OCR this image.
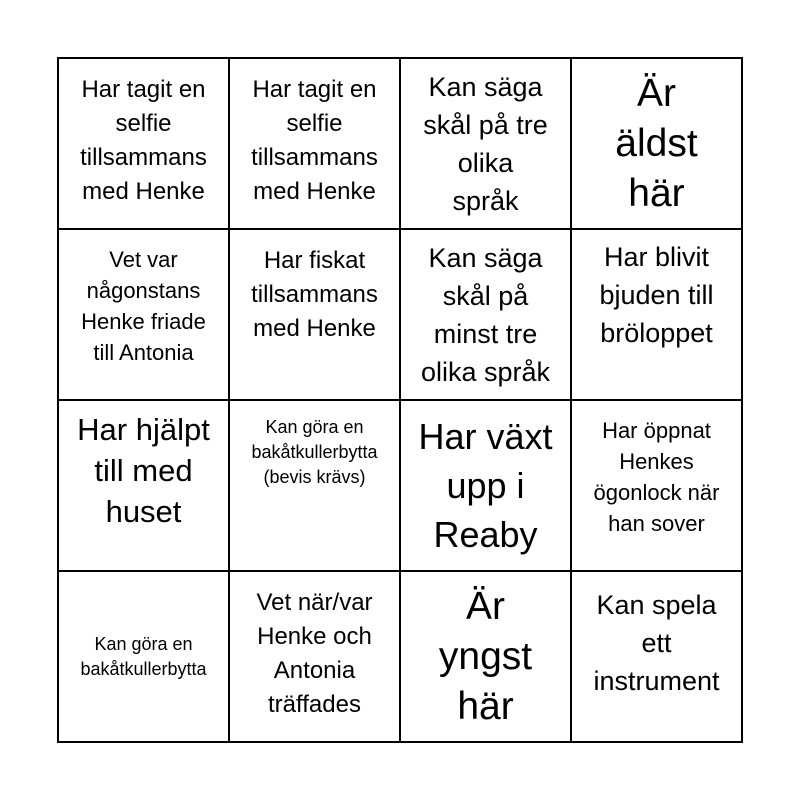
Har tagit en
selfie
tillsammans
med Henke
Har tagit en
selfie
tillsammans
med Henke
Kan säga
skål på tre
olika
språk
Är
äldst
här
Vet var
någonstans
Henke friade
till Antonia
Har fiskat
tillsammans
med Henke
Kan säga
skål på
minst tre
olika språk
Har blivit
bjuden till
bröloppet
Har hjälpt
till med
huset
Kan göra en
bakåtkullerbytta
(bevis krävs)
Har växt
upp i
Reaby
Har öppnat
Henkes
ögonlock när
han sover
Kan göra en
bakåtkullerbytta
Vet när/var
Henke och
Antonia
träffades
Är
yngst
här
Kan spela
ett
instrument
